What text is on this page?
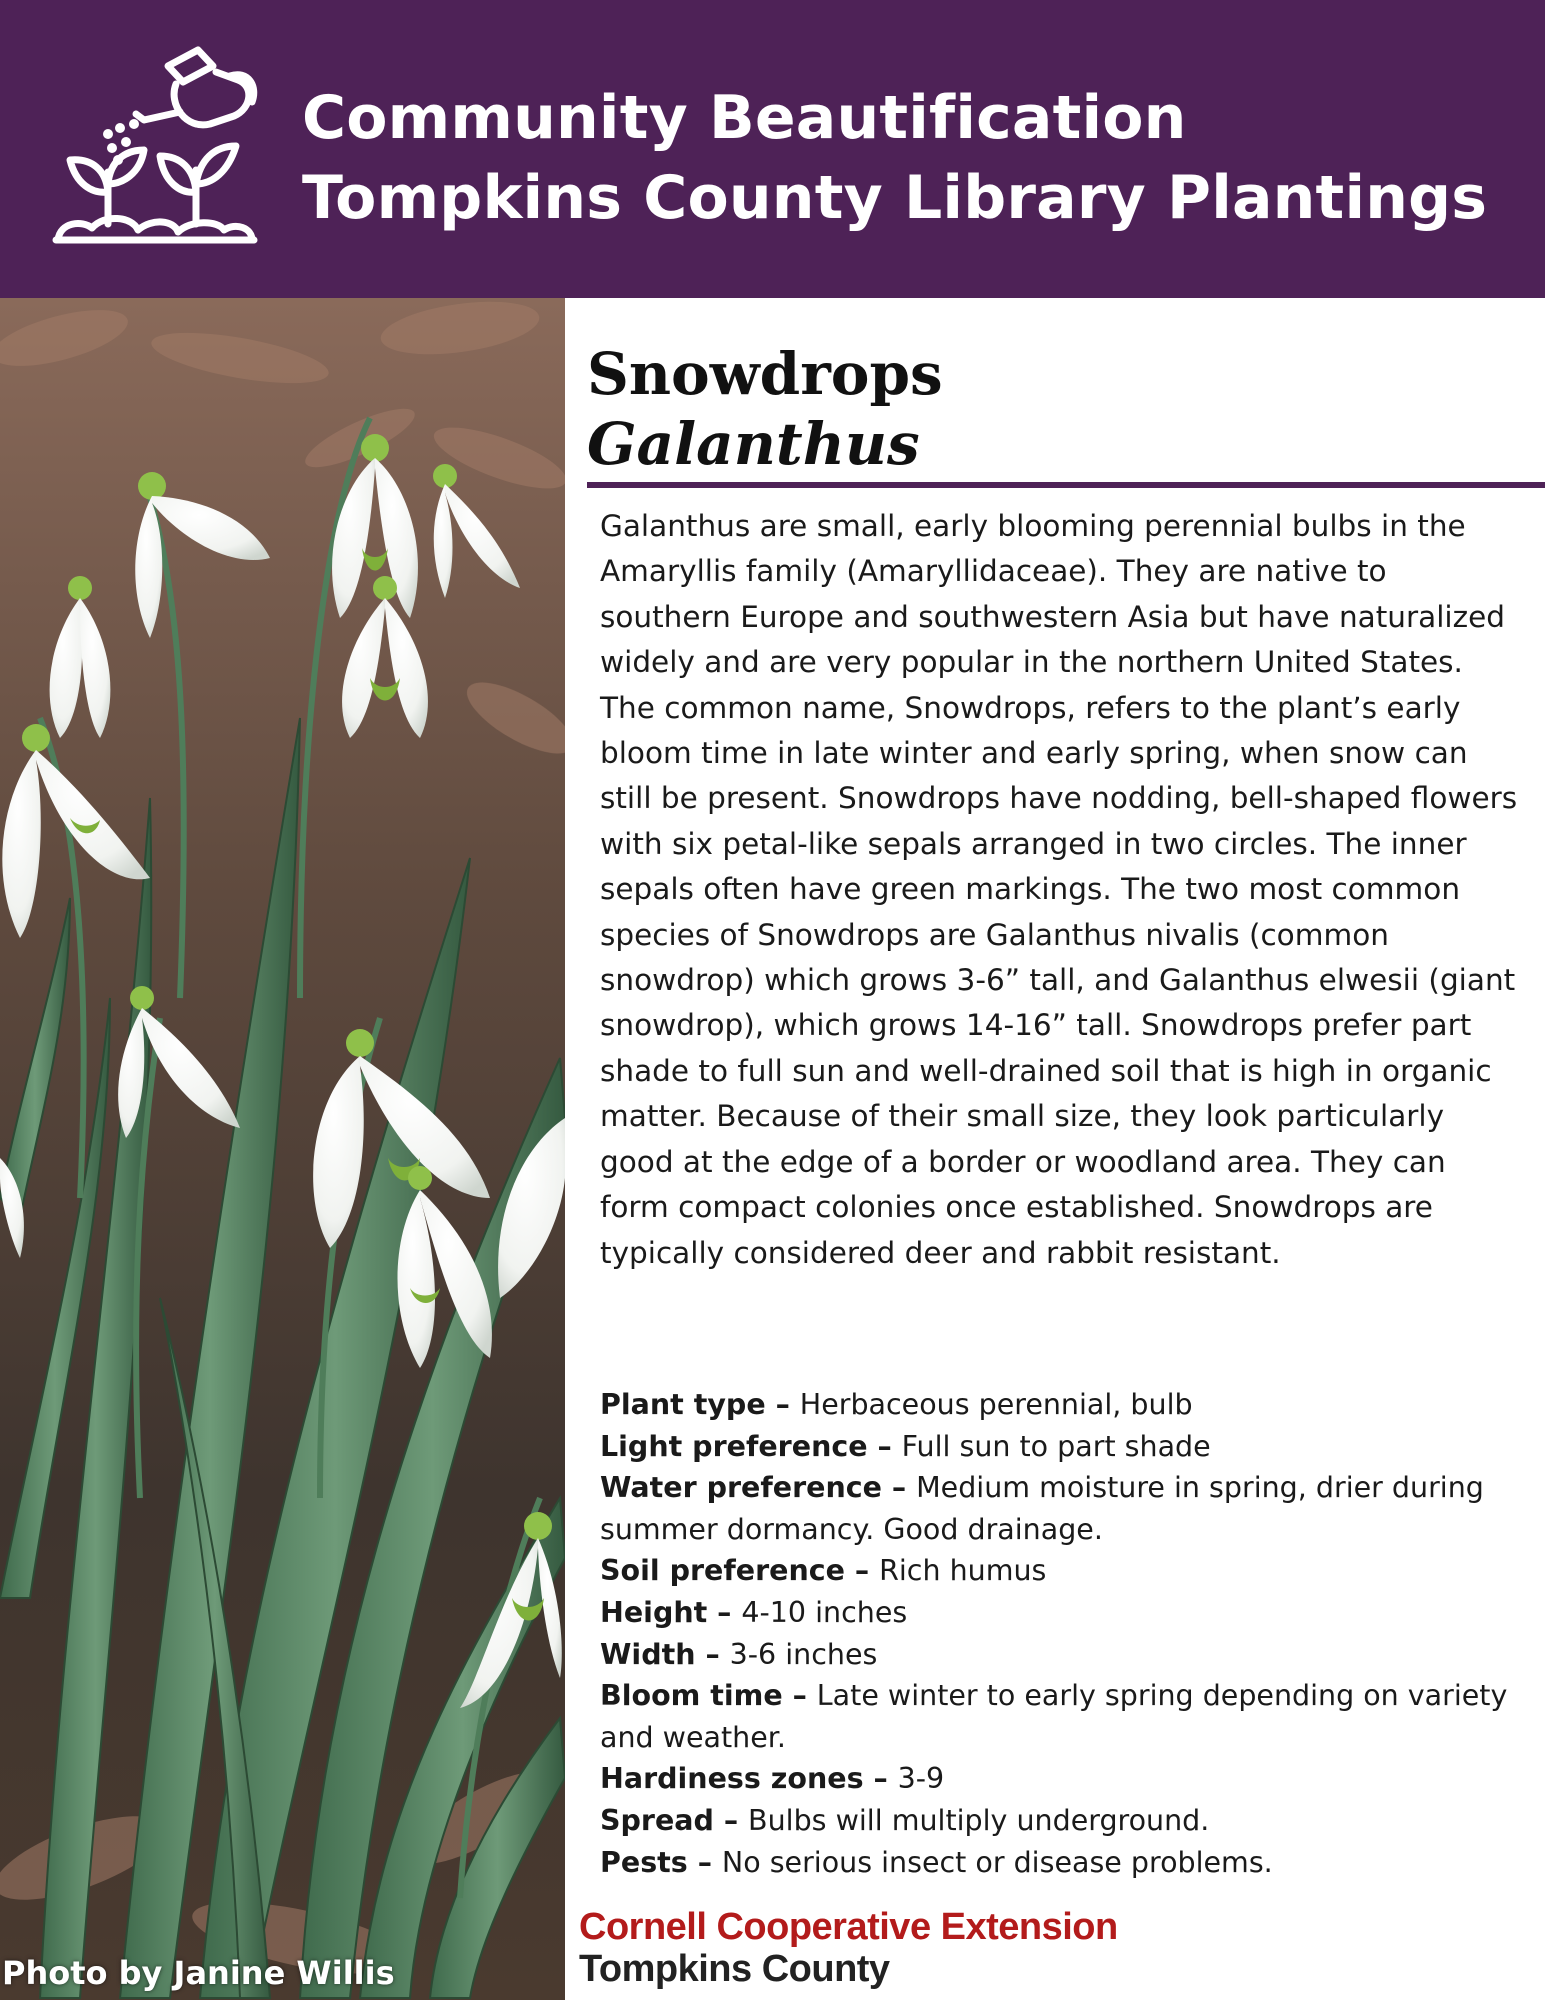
Community Beautification
Tompkins County Library Plantings
Photo by Janine Willis
Snowdrops
Galanthus

Galanthus are small, early blooming perennial bulbs in the Amaryllis family (Amaryllidaceae). They are native to southern Europe and southwestern Asia but have naturalized widely and are very popular in the northern United States. The common name, Snowdrops, refers to the plant’s early bloom time in late winter and early spring, when snow can still be present. Snowdrops have nodding, bell-shaped flowers with six petal-like sepals arranged in two circles. The inner sepals often have green markings. The two most common species of Snowdrops are Galanthus nivalis (common snowdrop) which grows 3-6” tall, and Galanthus elwesii (giant snowdrop), which grows 14-16” tall. Snowdrops prefer part shade to full sun and well-drained soil that is high in organic matter. Because of their small size, they look particularly good at the edge of a border or woodland area. They can form compact colonies once established. Snowdrops are typically considered deer and rabbit resistant.

Plant type – Herbaceous perennial, bulb
Light preference – Full sun to part shade
Water preference – Medium moisture in spring, drier during summer dormancy. Good drainage.
Soil preference – Rich humus
Height – 4-10 inches
Width – 3-6 inches
Bloom time – Late winter to early spring depending on variety and weather.
Hardiness zones – 3-9
Spread – Bulbs will multiply underground.
Pests – No serious insect or disease problems.
Cornell Cooperative Extension
Tompkins County
